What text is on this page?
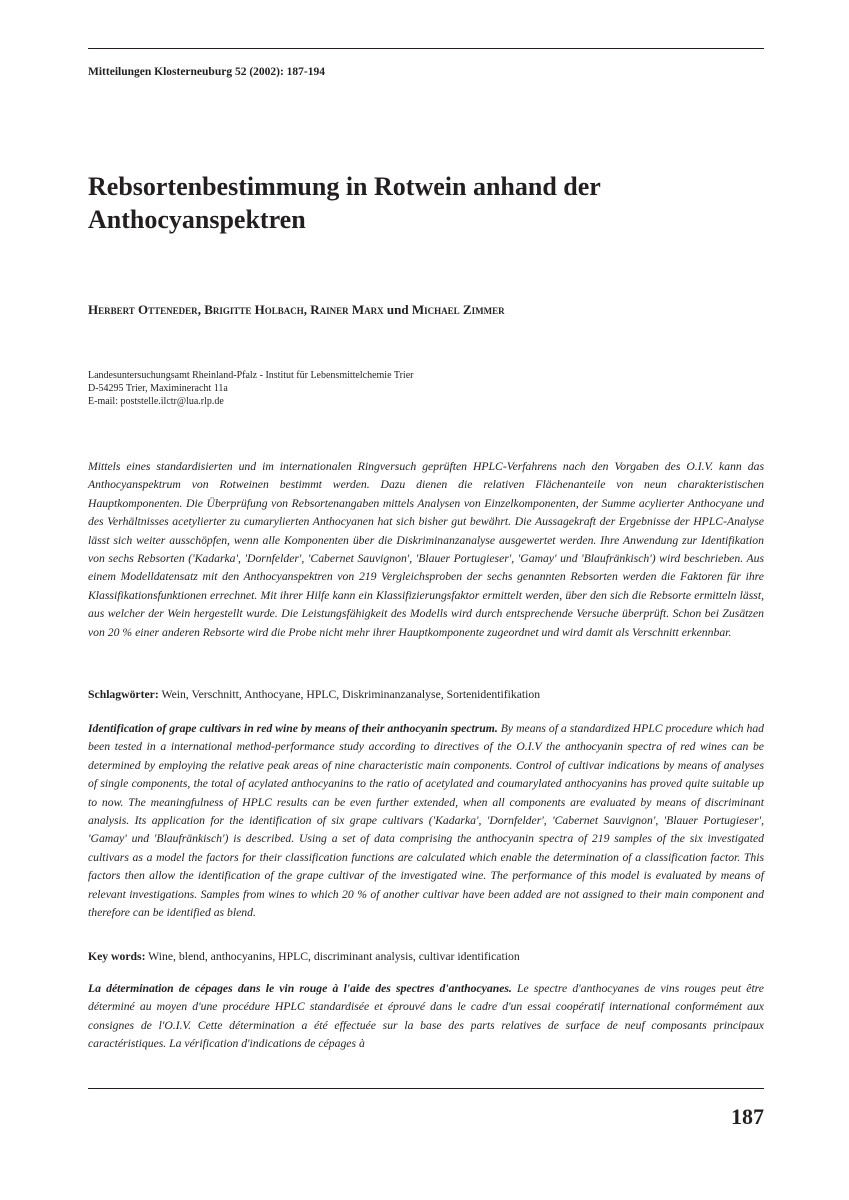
Mitteilungen Klosterneuburg 52 (2002): 187-194
Rebsortenbestimmung in Rotwein anhand der
Anthocyanspektren
Herbert Otteneder, Brigitte Holbach, Rainer Marx und Michael Zimmer
Landesuntersuchungsamt Rheinland-Pfalz - Institut für Lebensmittelchemie Trier
D-54295 Trier, Maximineracht 11a
E-mail: poststelle.ilctr@lua.rlp.de

Mittels eines standardisierten und im internationalen Ringversuch geprüften HPLC-Verfahrens nach den Vorgaben des O.I.V. kann das Anthocyanspektrum von Rotweinen bestimmt werden. Dazu dienen die relativen Flächenanteile von neun charakteristischen Hauptkomponenten. Die Überprüfung von Rebsortenangaben mittels Analysen von Einzelkomponenten, der Summe acylierter Anthocyane und des Verhältnisses acetylierter zu cumarylierten Anthocyanen hat sich bisher gut bewährt. Die Aussagekraft der Ergebnisse der HPLC-Analyse lässt sich weiter ausschöpfen, wenn alle Komponenten über die Diskriminanzanalyse ausgewertet werden. Ihre Anwendung zur Identifikation von sechs Rebsorten ('Kadarka', 'Dornfelder', 'Cabernet Sauvignon', 'Blauer Portugieser', 'Gamay' und 'Blaufränkisch') wird beschrieben. Aus einem Modelldatensatz mit den Anthocyanspektren von 219 Vergleichsproben der sechs genannten Rebsorten werden die Faktoren für ihre Klassifikationsfunktionen errechnet. Mit ihrer Hilfe kann ein Klassifizierungsfaktor ermittelt werden, über den sich die Rebsorte ermitteln lässt, aus welcher der Wein hergestellt wurde. Die Leistungsfähigkeit des Modells wird durch entsprechende Versuche überprüft. Schon bei Zusätzen von 20 % einer anderen Rebsorte wird die Probe nicht mehr ihrer Hauptkomponente zugeordnet und wird damit als Verschnitt erkennbar.

Schlagwörter: Wein, Verschnitt, Anthocyane, HPLC, Diskriminanzanalyse, Sortenidentifikation

Identification of grape cultivars in red wine by means of their anthocyanin spectrum. By means of a standardized HPLC procedure which had been tested in a international method-performance study according to directives of the O.I.V the anthocyanin spectra of red wines can be determined by employing the relative peak areas of nine characteristic main components. Control of cultivar indications by means of analyses of single components, the total of acylated anthocyanins to the ratio of acetylated and coumarylated anthocyanins has proved quite suitable up to now. The meaningfulness of HPLC results can be even further extended, when all components are evaluated by means of discriminant analysis. Its application for the identification of six grape cultivars ('Kadarka', 'Dornfelder', 'Cabernet Sauvignon', 'Blauer Portugieser', 'Gamay' und 'Blaufränkisch') is described. Using a set of data comprising the anthocyanin spectra of 219 samples of the six investigated cultivars as a model the factors for their classification functions are calculated which enable the determination of a classification factor. This factors then allow the identification of the grape cultivar of the investigated wine. The performance of this model is evaluated by means of relevant investigations. Samples from wines to which 20 % of another cultivar have been added are not assigned to their main component and therefore can be identified as blend.

Key words: Wine, blend, anthocyanins, HPLC, discriminant analysis, cultivar identification

La détermination de cépages dans le vin rouge à l'aide des spectres d'anthocyanes. Le spectre d'anthocyanes de vins rouges peut être déterminé au moyen d'une procédure HPLC standardisée et éprouvé dans le cadre d'un essai coopératif international conformément aux consignes de l'O.I.V. Cette détermination a été effectuée sur la base des parts relatives de surface de neuf composants principaux caractéristiques. La vérification d'indications de cépages à

187
